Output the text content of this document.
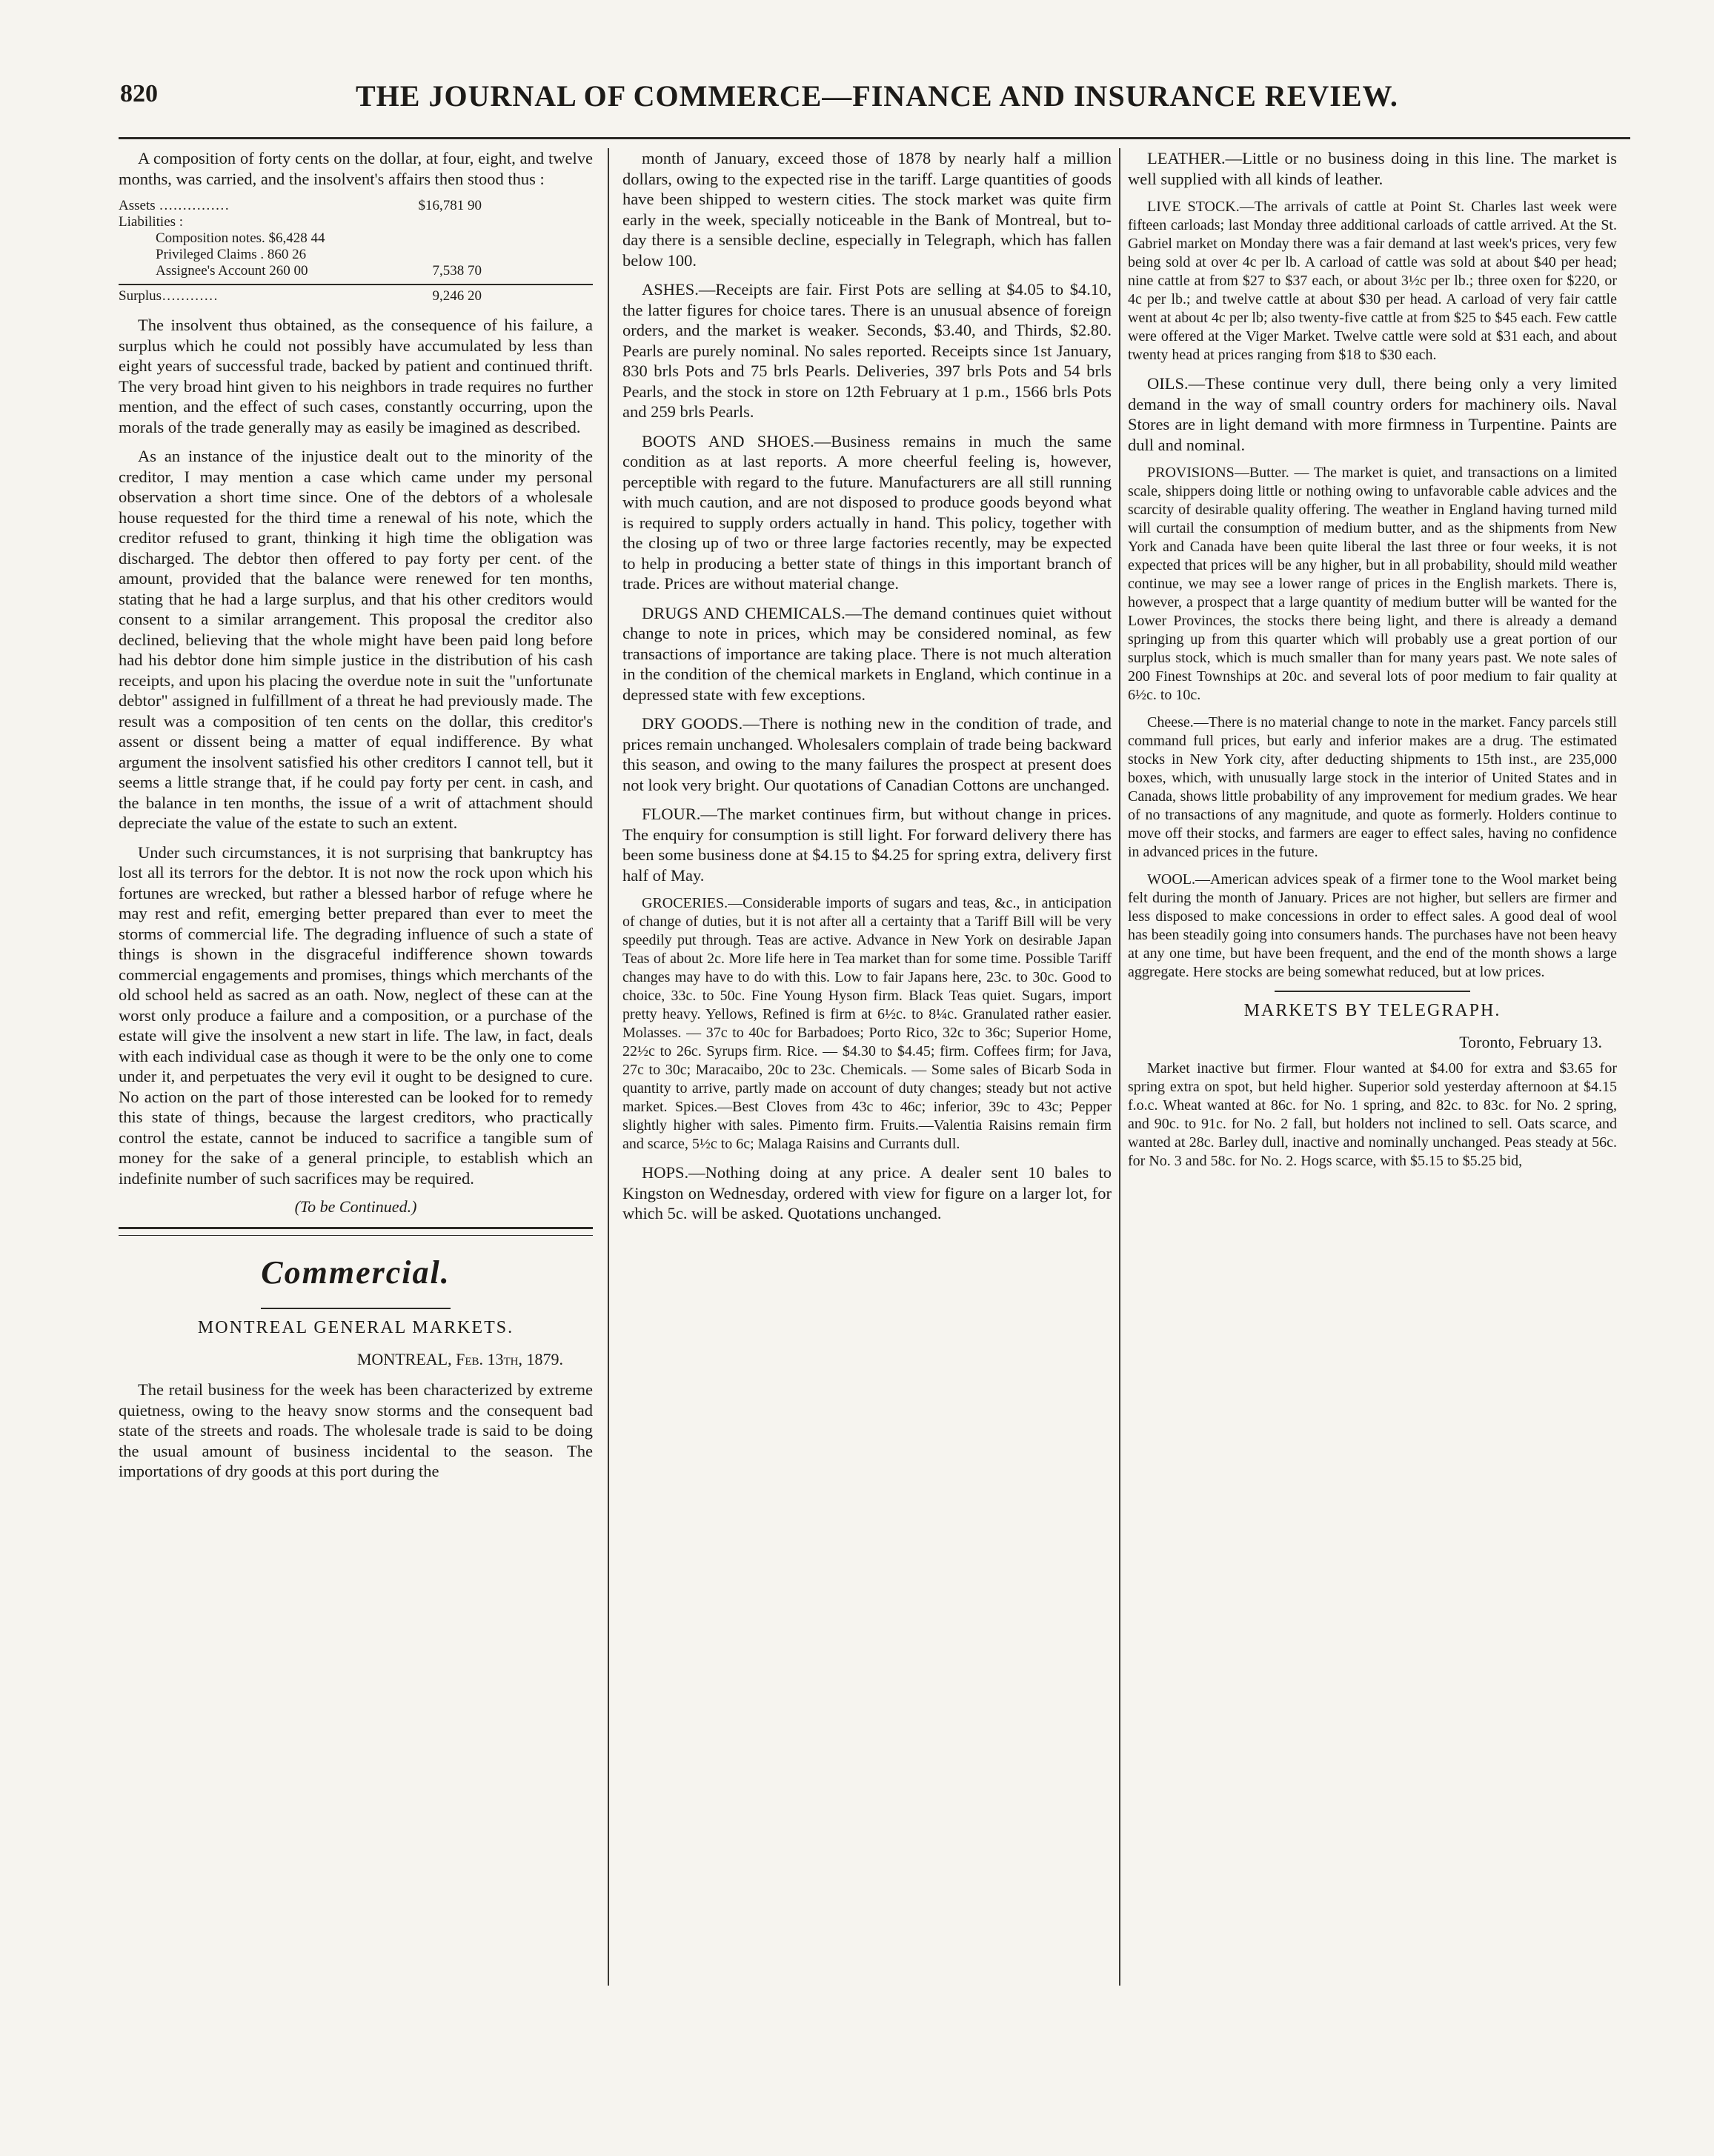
820	THE JOURNAL OF COMMERCE—FINANCE AND INSURANCE REVIEW.

A composition of forty cents on the dollar, at four, eight, and twelve months, was carried, and the insolvent's affairs then stood thus :

Assets ……………	$16,781 90
Liabilities :
Composition notes. $6,428 44
Privileged Claims . 860 26
Assignee's Account 260 00	7,538 70
Surplus…………	9,246 20

The insolvent thus obtained, as the consequence of his failure, a surplus which he could not possibly have accumulated by less than eight years of successful trade, backed by patient and continued thrift. The very broad hint given to his neighbors in trade requires no further mention, and the effect of such cases, constantly occurring, upon the morals of the trade generally may as easily be imagined as described.

As an instance of the injustice dealt out to the minority of the creditor, I may mention a case which came under my personal observation a short time since. One of the debtors of a wholesale house requested for the third time a renewal of his note, which the creditor refused to grant, thinking it high time the obligation was discharged. The debtor then offered to pay forty per cent. of the amount, provided that the balance were renewed for ten months, stating that he had a large surplus, and that his other creditors would consent to a similar arrangement. This proposal the creditor also declined, believing that the whole might have been paid long before had his debtor done him simple justice in the distribution of his cash receipts, and upon his placing the overdue note in suit the "unfortunate debtor" assigned in fulfillment of a threat he had previously made. The result was a composition of ten cents on the dollar, this creditor's assent or dissent being a matter of equal indifference. By what argument the insolvent satisfied his other creditors I cannot tell, but it seems a little strange that, if he could pay forty per cent. in cash, and the balance in ten months, the issue of a writ of attachment should depreciate the value of the estate to such an extent.

Under such circumstances, it is not surprising that bankruptcy has lost all its terrors for the debtor. It is not now the rock upon which his fortunes are wrecked, but rather a blessed harbor of refuge where he may rest and refit, emerging better prepared than ever to meet the storms of commercial life. The degrading influence of such a state of things is shown in the disgraceful indifference shown towards commercial engagements and promises, things which merchants of the old school held as sacred as an oath. Now, neglect of these can at the worst only produce a failure and a composition, or a purchase of the estate will give the insolvent a new start in life. The law, in fact, deals with each individual case as though it were to be the only one to come under it, and perpetuates the very evil it ought to be designed to cure. No action on the part of those interested can be looked for to remedy this state of things, because the largest creditors, who practically control the estate, cannot be induced to sacrifice a tangible sum of money for the sake of a general principle, to establish which an indefinite number of such sacrifices may be required.

(To be Continued.)
Commercial.
MONTREAL GENERAL MARKETS.
MONTREAL, Feb. 13th, 1879.

The retail business for the week has been characterized by extreme quietness, owing to the heavy snow storms and the consequent bad state of the streets and roads. The wholesale trade is said to be doing the usual amount of business incidental to the season. The importations of dry goods at this port during the

month of January, exceed those of 1878 by nearly half a million dollars, owing to the expected rise in the tariff. Large quantities of goods have been shipped to western cities. The stock market was quite firm early in the week, specially noticeable in the Bank of Montreal, but to-day there is a sensible decline, especially in Telegraph, which has fallen below 100.

ASHES.—Receipts are fair. First Pots are selling at $4.05 to $4.10, the latter figures for choice tares. There is an unusual absence of foreign orders, and the market is weaker. Seconds, $3.40, and Thirds, $2.80. Pearls are purely nominal. No sales reported. Receipts since 1st January, 830 brls Pots and 75 brls Pearls. Deliveries, 397 brls Pots and 54 brls Pearls, and the stock in store on 12th February at 1 p.m., 1566 brls Pots and 259 brls Pearls.

BOOTS AND SHOES.—Business remains in much the same condition as at last reports. A more cheerful feeling is, however, perceptible with regard to the future. Manufacturers are all still running with much caution, and are not disposed to produce goods beyond what is required to supply orders actually in hand. This policy, together with the closing up of two or three large factories recently, may be expected to help in producing a better state of things in this important branch of trade. Prices are without material change.

DRUGS AND CHEMICALS.—The demand continues quiet without change to note in prices, which may be considered nominal, as few transactions of importance are taking place. There is not much alteration in the condition of the chemical markets in England, which continue in a depressed state with few exceptions.

DRY GOODS.—There is nothing new in the condition of trade, and prices remain unchanged. Wholesalers complain of trade being backward this season, and owing to the many failures the prospect at present does not look very bright. Our quotations of Canadian Cottons are unchanged.

FLOUR.—The market continues firm, but without change in prices. The enquiry for consumption is still light. For forward delivery there has been some business done at $4.15 to $4.25 for spring extra, delivery first half of May.

GROCERIES.—Considerable imports of sugars and teas, &c., in anticipation of change of duties, but it is not after all a certainty that a Tariff Bill will be very speedily put through. Teas are active. Advance in New York on desirable Japan Teas of about 2c. More life here in Tea market than for some time. Possible Tariff changes may have to do with this. Low to fair Japans here, 23c. to 30c. Good to choice, 33c. to 50c. Fine Young Hyson firm. Black Teas quiet. Sugars, import pretty heavy. Yellows, Refined is firm at 6½c. to 8¼c. Granulated rather easier. Molasses. — 37c to 40c for Barbadoes; Porto Rico, 32c to 36c; Superior Home, 22½c to 26c. Syrups firm. Rice. — $4.30 to $4.45; firm. Coffees firm; for Java, 27c to 30c; Maracaibo, 20c to 23c. Chemicals. — Some sales of Bicarb Soda in quantity to arrive, partly made on account of duty changes; steady but not active market. Spices.—Best Cloves from 43c to 46c; inferior, 39c to 43c; Pepper slightly higher with sales. Pimento firm. Fruits.—Valentia Raisins remain firm and scarce, 5½c to 6c; Malaga Raisins and Currants dull.

HOPS.—Nothing doing at any price. A dealer sent 10 bales to Kingston on Wednesday, ordered with view for figure on a larger lot, for which 5c. will be asked. Quotations unchanged.

LEATHER.—Little or no business doing in this line. The market is well supplied with all kinds of leather.

LIVE STOCK.—The arrivals of cattle at Point St. Charles last week were fifteen carloads; last Monday three additional carloads of cattle arrived. At the St. Gabriel market on Monday there was a fair demand at last week's prices, very few being sold at over 4c per lb. A carload of cattle was sold at about $40 per head; nine cattle at from $27 to $37 each, or about 3½c per lb.; three oxen for $220, or 4c per lb.; and twelve cattle at about $30 per head. A carload of very fair cattle went at about 4c per lb; also twenty-five cattle at from $25 to $45 each. Few cattle were offered at the Viger Market. Twelve cattle were sold at $31 each, and about twenty head at prices ranging from $18 to $30 each.

OILS.—These continue very dull, there being only a very limited demand in the way of small country orders for machinery oils. Naval Stores are in light demand with more firmness in Turpentine. Paints are dull and nominal.

PROVISIONS—Butter. — The market is quiet, and transactions on a limited scale, shippers doing little or nothing owing to unfavorable cable advices and the scarcity of desirable quality offering. The weather in England having turned mild will curtail the consumption of medium butter, and as the shipments from New York and Canada have been quite liberal the last three or four weeks, it is not expected that prices will be any higher, but in all probability, should mild weather continue, we may see a lower range of prices in the English markets. There is, however, a prospect that a large quantity of medium butter will be wanted for the Lower Provinces, the stocks there being light, and there is already a demand springing up from this quarter which will probably use a great portion of our surplus stock, which is much smaller than for many years past. We note sales of 200 Finest Townships at 20c. and several lots of poor medium to fair quality at 6½c. to 10c.

Cheese.—There is no material change to note in the market. Fancy parcels still command full prices, but early and inferior makes are a drug. The estimated stocks in New York city, after deducting shipments to 15th inst., are 235,000 boxes, which, with unusually large stock in the interior of United States and in Canada, shows little probability of any improvement for medium grades. We hear of no transactions of any magnitude, and quote as formerly. Holders continue to move off their stocks, and farmers are eager to effect sales, having no confidence in advanced prices in the future.

WOOL.—American advices speak of a firmer tone to the Wool market being felt during the month of January. Prices are not higher, but sellers are firmer and less disposed to make concessions in order to effect sales. A good deal of wool has been steadily going into consumers hands. The purchases have not been heavy at any one time, but have been frequent, and the end of the month shows a large aggregate. Here stocks are being somewhat reduced, but at low prices.

MARKETS BY TELEGRAPH.
Toronto, February 13.

Market inactive but firmer. Flour wanted at $4.00 for extra and $3.65 for spring extra on spot, but held higher. Superior sold yesterday afternoon at $4.15 f.o.c. Wheat wanted at 86c. for No. 1 spring, and 82c. to 83c. for No. 2 spring, and 90c. to 91c. for No. 2 fall, but holders not inclined to sell. Oats scarce, and wanted at 28c. Barley dull, inactive and nominally unchanged. Peas steady at 56c. for No. 3 and 58c. for No. 2. Hogs scarce, with $5.15 to $5.25 bid,
